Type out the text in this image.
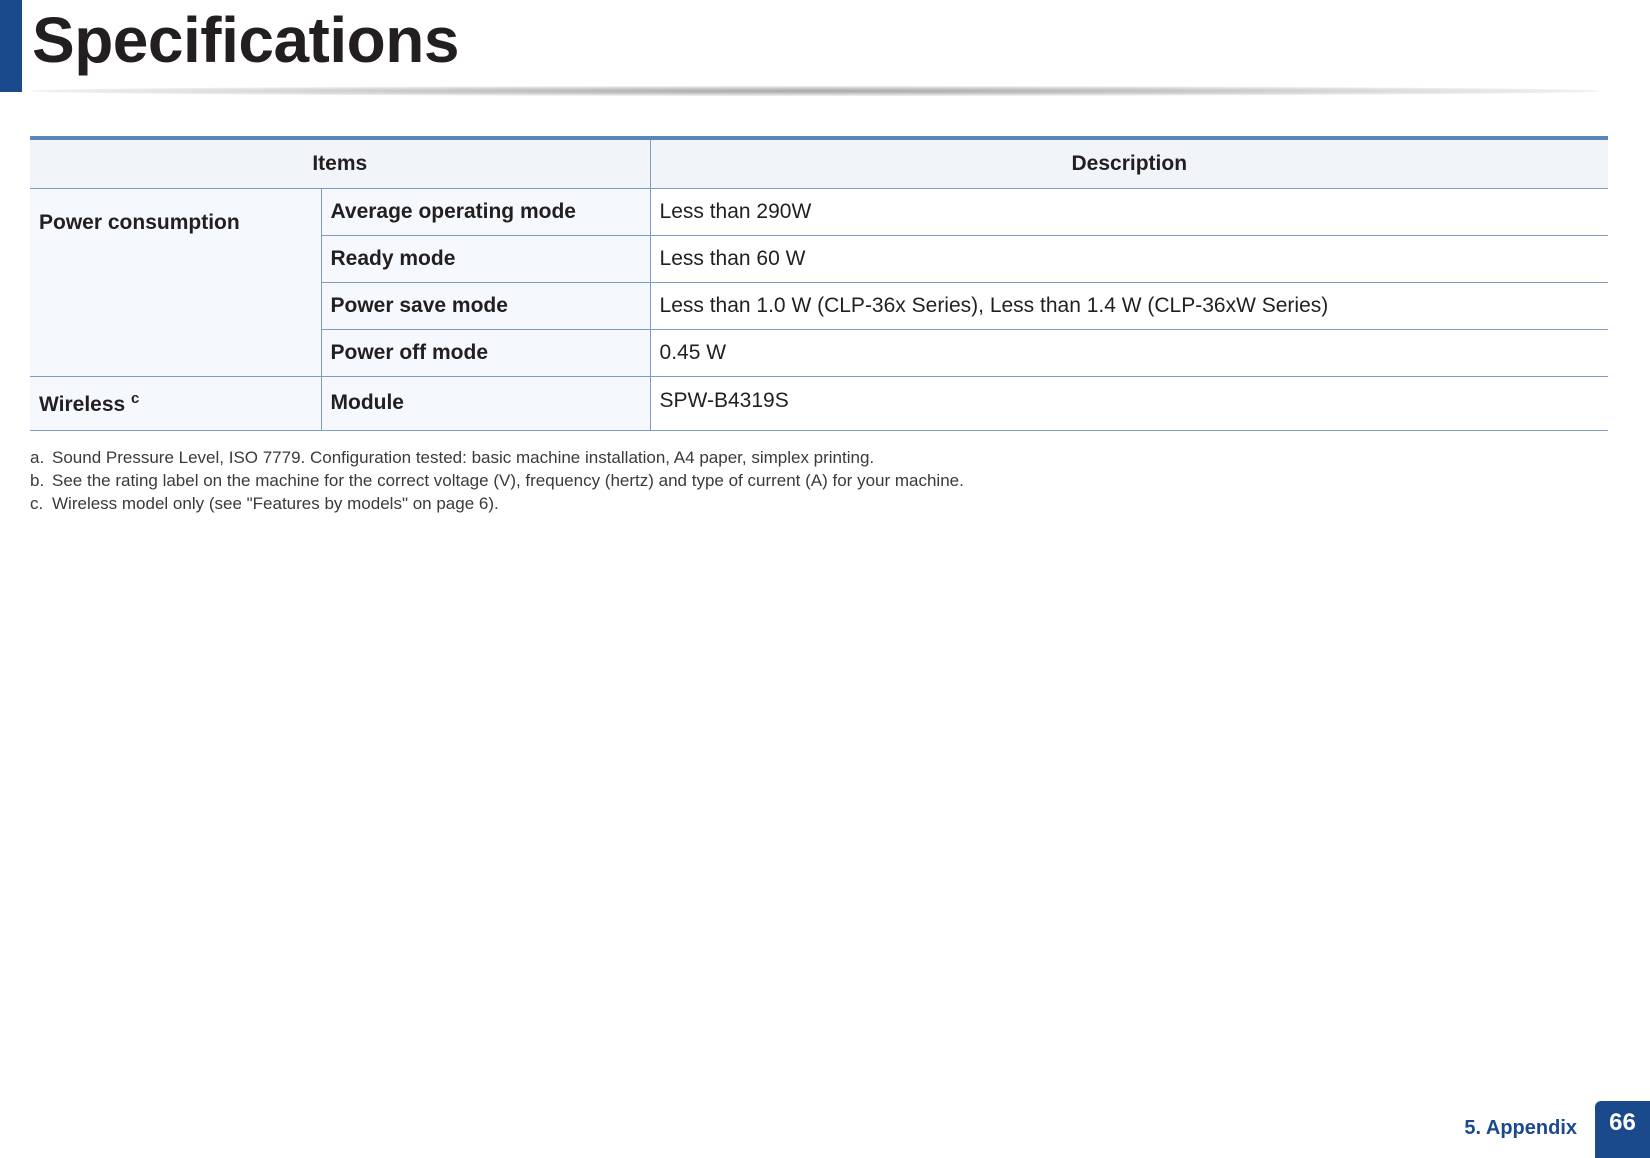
Specifications
Items		Description
Power consumption	Average operating mode	Less than 290W
	Ready mode	Less than 60 W
	Power save mode	Less than 1.0 W (CLP-36x Series), Less than 1.4 W (CLP-36xW Series)
	Power off mode	0.45 W
Wireless $^c$	Module	SPW-B4319S
a. Sound Pressure Level, ISO 7779. Configuration tested: basic machine installation, A4 paper, simplex printing.
b. See the rating label on the machine for the correct voltage (V), frequency (hertz) and type of current (A) for your machine.
c. Wireless model only (see "Features by models" on page 6).
5. Appendix	66
